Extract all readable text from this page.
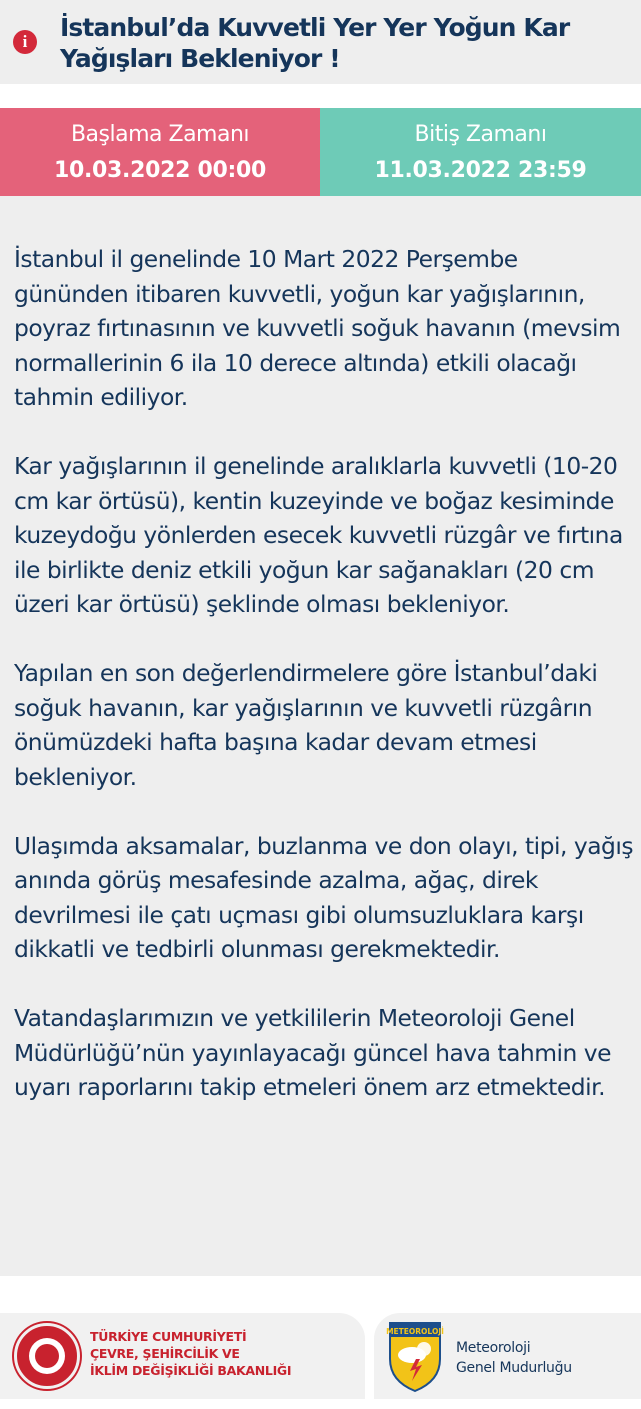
i	İstanbul’da Kuvvetli Yer Yer Yoğun Kar Yağışları Bekleniyor !
Başlama Zamanı
10.03.2022 00:00
Bitiş Zamanı
11.03.2022 23:59

İstanbul il genelinde 10 Mart 2022 Perşembe gününden itibaren kuvvetli, yoğun kar yağışlarının, poyraz fırtınasının ve kuvvetli soğuk havanın (mevsim normallerinin 6 ila 10 derece altında) etkili olacağı tahmin ediliyor.

Kar yağışlarının il genelinde aralıklarla kuvvetli (10-20 cm kar örtüsü), kentin kuzeyinde ve boğaz kesiminde kuzeydoğu yönlerden esecek kuvvetli rüzgâr ve fırtına ile birlikte deniz etkili yoğun kar sağanakları (20 cm üzeri kar örtüsü) şeklinde olması bekleniyor.

Yapılan en son değerlendirmelere göre İstanbul’daki soğuk havanın, kar yağışlarının ve kuvvetli rüzgârın önümüzdeki hafta başına kadar devam etmesi bekleniyor.

Ulaşımda aksamalar, buzlanma ve don olayı, tipi, yağış anında görüş mesafesinde azalma, ağaç, direk devrilmesi ile çatı uçması gibi olumsuzluklara karşı dikkatli ve tedbirli olunması gerekmektedir.

Vatandaşlarımızın ve yetkililerin Meteoroloji Genel Müdürlüğü’nün yayınlayacağı güncel hava tahmin ve uyarı raporlarını takip etmeleri önem arz etmektedir.

TÜRKİYE CUMHURİYETİ
ÇEVRE, ŞEHİRCİLİK VE
İKLİM DEĞİŞİKLİĞİ BAKANLIĞI
METEOROLOJİ
Meteoroloji
Genel Mudurluğu
